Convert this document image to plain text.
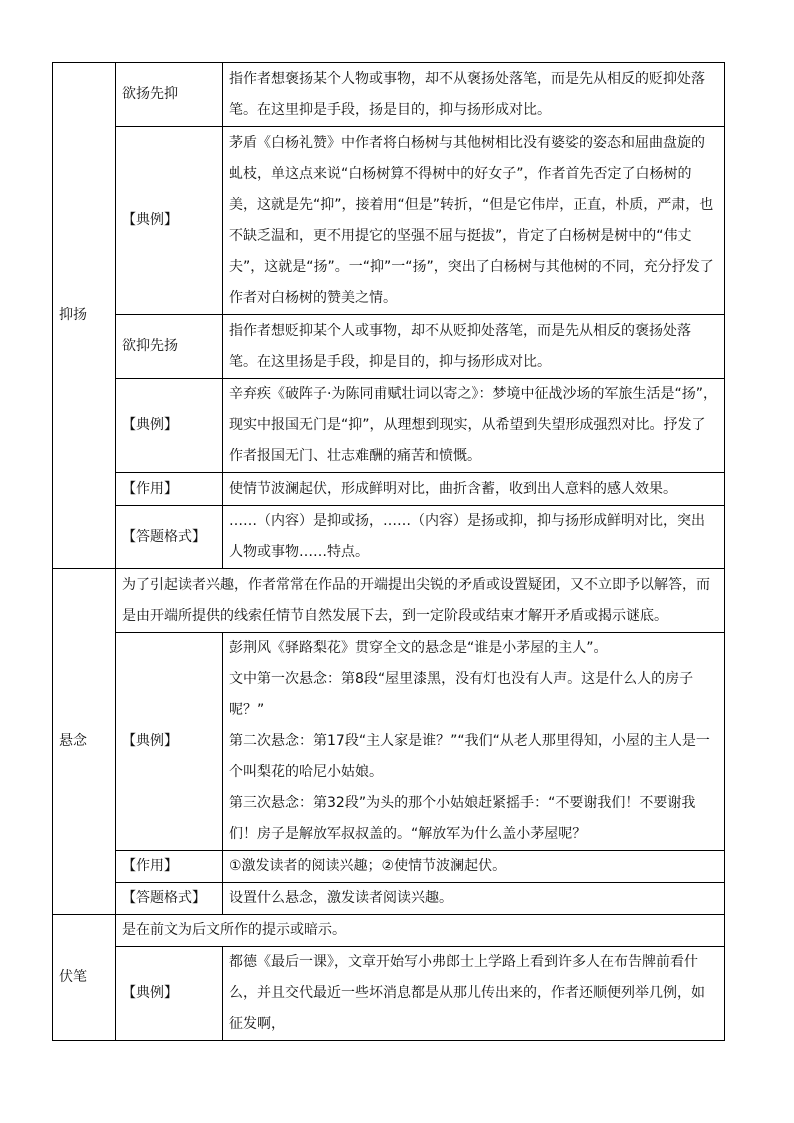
抑扬	欲扬先抑	指作者想褒扬某个人物或事物，却不从褒扬处落笔，而是先从相反的贬抑处落笔。在这里抑是手段，扬是目的，抑与扬形成对比。
	【典例】	茅盾《白杨礼赞》中作者将白杨树与其他树相比没有婆娑的姿态和屈曲盘旋的虬枝，单这点来说“白杨树算不得树中的好女子”，作者首先否定了白杨树的美，这就是先“抑”，接着用“但是”转折，“但是它伟岸，正直，朴质，严肃，也不缺乏温和，更不用提它的坚强不屈与挺拔”，肯定了白杨树是树中的“伟丈夫”，这就是“扬”。一“抑”一“扬”，突出了白杨树与其他树的不同，充分抒发了作者对白杨树的赞美之情。
	欲抑先扬	指作者想贬抑某个人或事物，却不从贬抑处落笔，而是先从相反的褒扬处落笔。在这里扬是手段，抑是目的，抑与扬形成对比。
	【典例】	辛弃疾《破阵子·为陈同甫赋壮词以寄之》：梦境中征战沙场的军旅生活是“扬”，现实中报国无门是“抑”，从理想到现实，从希望到失望形成强烈对比。抒发了作者报国无门、壮志难酬的痛苦和愤慨。
	【作用】	使情节波澜起伏，形成鲜明对比，曲折含蓄，收到出人意料的感人效果。
	【答题格式】	……（内容）是抑或扬，……（内容）是扬或抑，抑与扬形成鲜明对比，突出人物或事物……特点。
悬念	为了引起读者兴趣，作者常常在作品的开端提出尖锐的矛盾或设置疑团，又不立即予以解答，而是由开端所提供的线索任情节自然发展下去，到一定阶段或结束才解开矛盾或揭示谜底。	
	【典例】	彭荆风《驿路梨花》贯穿全文的悬念是“谁是小茅屋的主人”。
文中第一次悬念：第8段“屋里漆黑，没有灯也没有人声。这是什么人的房子呢？”
第二次悬念：第17段“主人家是谁？”“我们“从老人那里得知，小屋的主人是一个叫梨花的哈尼小姑娘。
第三次悬念：第32段”为头的那个小姑娘赶紧摇手：“不要谢我们！不要谢我们！房子是解放军叔叔盖的。“解放军为什么盖小茅屋呢？

	【作用】	①激发读者的阅读兴趣；②使情节波澜起伏。
	【答题格式】	设置什么悬念，激发读者阅读兴趣。
伏笔	是在前文为后文所作的提示或暗示。	
	【典例】	都德《最后一课》，文章开始写小弗郎士上学路上看到许多人在布告牌前看什么，并且交代最近一些坏消息都是从那儿传出来的，作者还顺便列举几例，如征发啊，
